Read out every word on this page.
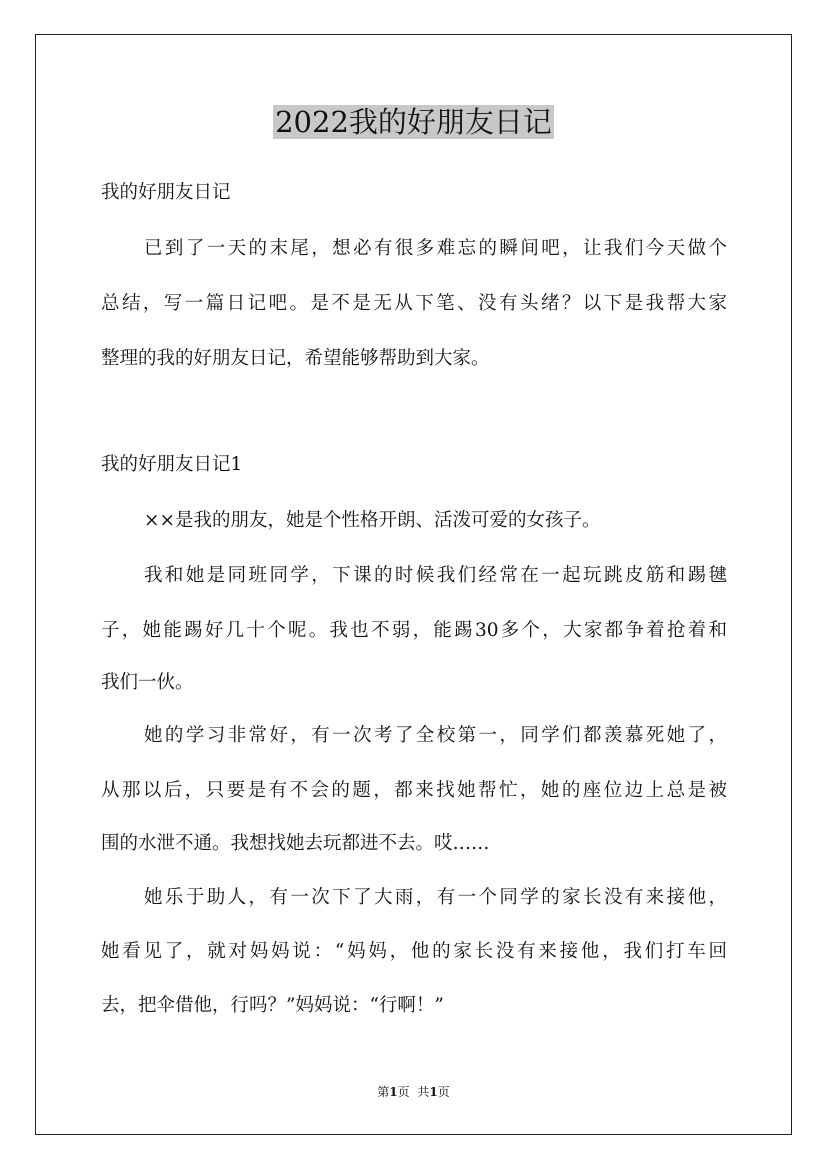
2022我的好朋友日记
我的好朋友日记
已到了一天的末尾，想必有很多难忘的瞬间吧，让我们今天做个
总结，写一篇日记吧。是不是无从下笔、没有头绪？以下是我帮大家
整理的我的好朋友日记，希望能够帮助到大家。
我的好朋友日记1
××是我的朋友，她是个性格开朗、活泼可爱的女孩子。
我和她是同班同学，下课的时候我们经常在一起玩跳皮筋和踢毽
子，她能踢好几十个呢。我也不弱，能踢30多个，大家都争着抢着和
我们一伙。
她的学习非常好，有一次考了全校第一，同学们都羡慕死她了，
从那以后，只要是有不会的题，都来找她帮忙，她的座位边上总是被
围的水泄不通。我想找她去玩都进不去。哎……
她乐于助人，有一次下了大雨，有一个同学的家长没有来接他，
她看见了，就对妈妈说：“妈妈，他的家长没有来接他，我们打车回
去，把伞借他，行吗？”妈妈说：“行啊！”
第1页 共1页
